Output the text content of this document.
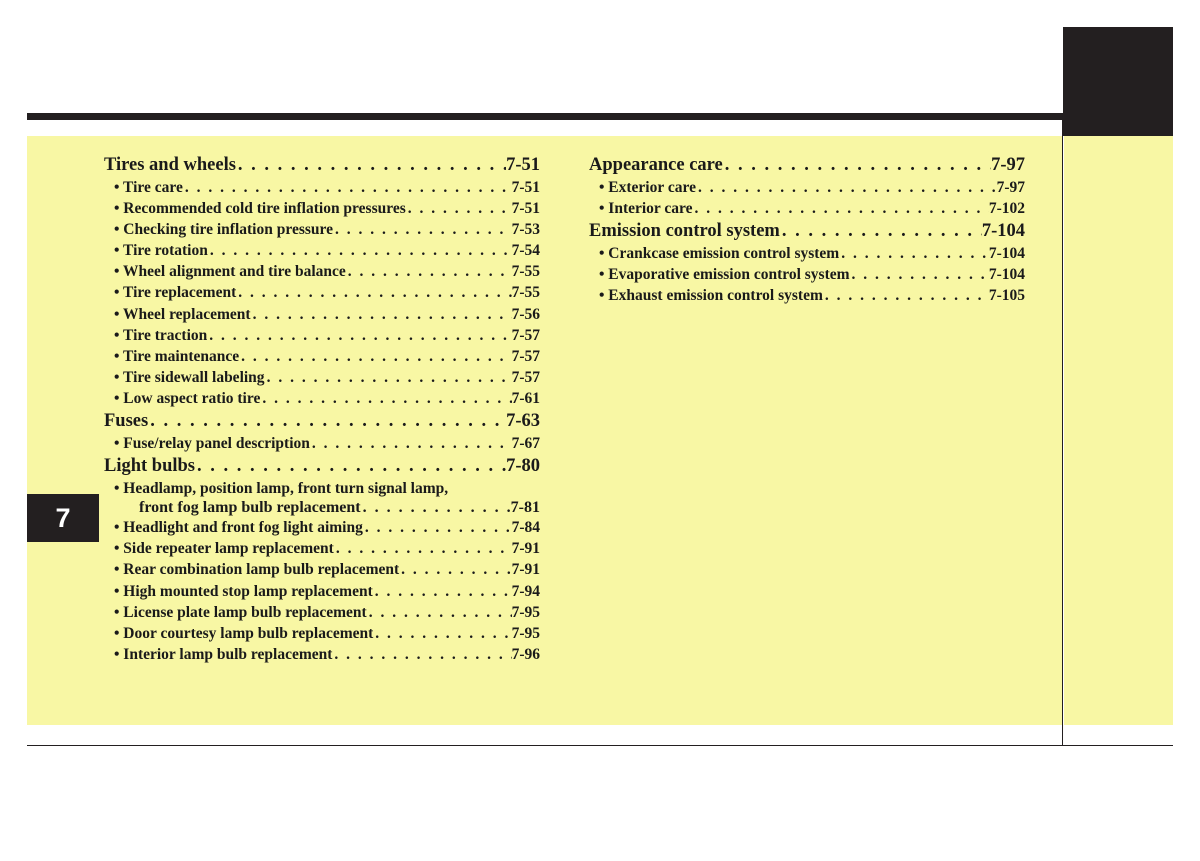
7
Tires and wheels . . .	7-51
• Tire care . . .	7-51
• Recommended cold tire inflation pressures . . .	7-51
• Checking tire inflation pressure . . .	7-53
• Tire rotation . . .	7-54
• Wheel alignment and tire balance . . .	7-55
• Tire replacement . . .	7-55
• Wheel replacement . . .	7-56
• Tire traction . . .	7-57
• Tire maintenance . . .	7-57
• Tire sidewall labeling . . .	7-57
• Low aspect ratio tire . . .	7-61
Fuses . . .	7-63
• Fuse/relay panel description . . .	7-67
Light bulbs . . .	7-80
• Headlamp, position lamp, front turn signal lamp,
front fog lamp bulb replacement . . .	7-81
• Headlight and front fog light aiming . . .	7-84
• Side repeater lamp replacement . . .	7-91
• Rear combination lamp bulb replacement . . .	7-91
• High mounted stop lamp replacement . . .	7-94
• License plate lamp bulb replacement . . .	7-95
• Door courtesy lamp bulb replacement . . .	7-95
• Interior lamp bulb replacement . . .	7-96
Appearance care . . .	7-97
• Exterior care . . .	7-97
• Interior care . . .	7-102
Emission control system . . .	7-104
• Crankcase emission control system . . .	7-104
• Evaporative emission control system . . .	7-104
• Exhaust emission control system . . .	7-105
